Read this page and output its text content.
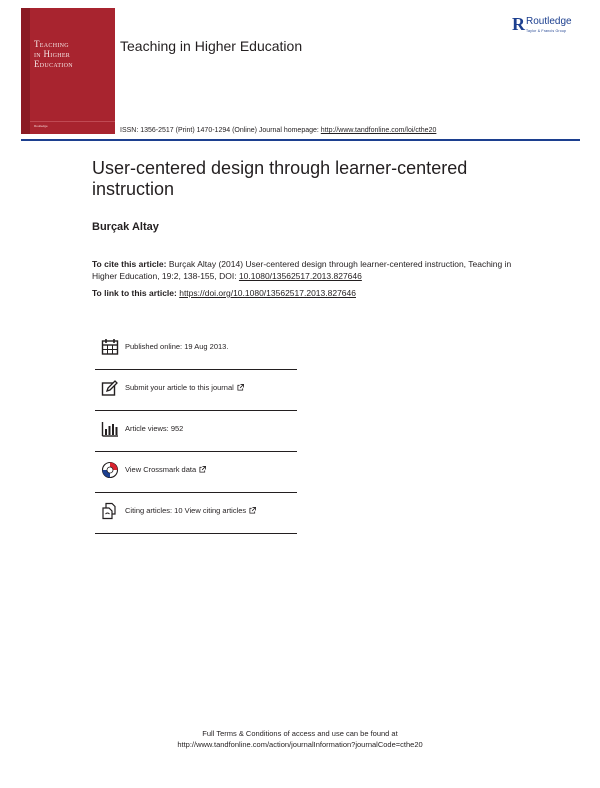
Teaching
in Higher
Education
Routledge
Teaching in Higher Education
R Routledge
Taylor & Francis Group
ISSN: 1356-2517 (Print) 1470-1294 (Online) Journal homepage: http://www.tandfonline.com/loi/cthe20
User-centered design through learner-centered instruction
Burçak Altay
To cite this article: Burçak Altay (2014) User-centered design through learner-centered instruction, Teaching in Higher Education, 19:2, 138-155, DOI: 10.1080/13562517.2013.827646
To link to this article: https://doi.org/10.1080/13562517.2013.827646
Published online: 19 Aug 2013.
Submit your article to this journal
Article views: 952
View Crossmark data
Citing articles: 10 View citing articles
Full Terms & Conditions of access and use can be found at
http://www.tandfonline.com/action/journalInformation?journalCode=cthe20
